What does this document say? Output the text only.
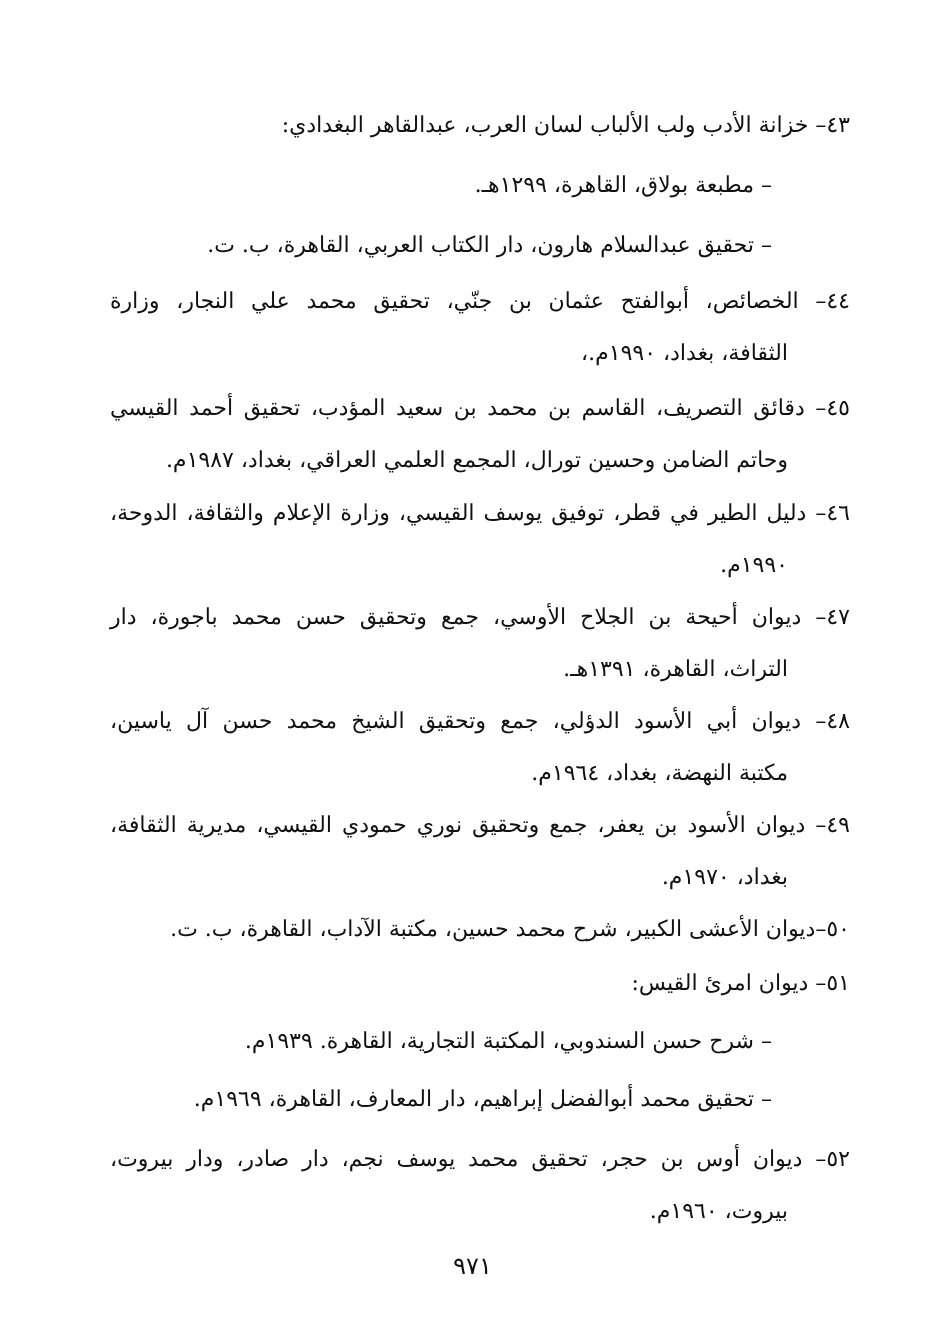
٤٣– خزانة الأدب ولب الألباب لسان العرب، عبدالقاهر البغدادي:
– مطبعة بولاق، القاهرة، ١٢٩٩هـ.
– تحقيق عبدالسلام هارون، دار الكتاب العربي، القاهرة، ب. ت.
٤٤– الخصائص، أبوالفتح عثمان بن جنّي، تحقيق محمد علي النجار، وزارة
الثقافة، بغداد، ١٩٩٠م.،
٤٥– دقائق التصريف، القاسم بن محمد بن سعيد المؤدب، تحقيق أحمد القيسي
وحاتم الضامن وحسين تورال، المجمع العلمي العراقي، بغداد، ١٩٨٧م.
٤٦– دليل الطير في قطر، توفيق يوسف القيسي، وزارة الإعلام والثقافة، الدوحة،
١٩٩٠م.
٤٧– ديوان أحيحة بن الجلاح الأوسي، جمع وتحقيق حسن محمد باجورة، دار
التراث، القاهرة، ١٣٩١هـ.
٤٨– ديوان أبي الأسود الدؤلي، جمع وتحقيق الشيخ محمد حسن آل ياسين،
مكتبة النهضة، بغداد، ١٩٦٤م.
٤٩– ديوان الأسود بن يعفر، جمع وتحقيق نوري حمودي القيسي، مديرية الثقافة،
بغداد، ١٩٧٠م.
٥٠–ديوان الأعشى الكبير، شرح محمد حسين، مكتبة الآداب، القاهرة، ب. ت.
٥١– ديوان امرئ القيس:
– شرح حسن السندوبي، المكتبة التجارية، القاهرة. ١٩٣٩م.
– تحقيق محمد أبوالفضل إبراهيم، دار المعارف، القاهرة، ١٩٦٩م.
٥٢– ديوان أوس بن حجر، تحقيق محمد يوسف نجم، دار صادر، ودار بيروت،
بيروت، ١٩٦٠م.
٩٧١
